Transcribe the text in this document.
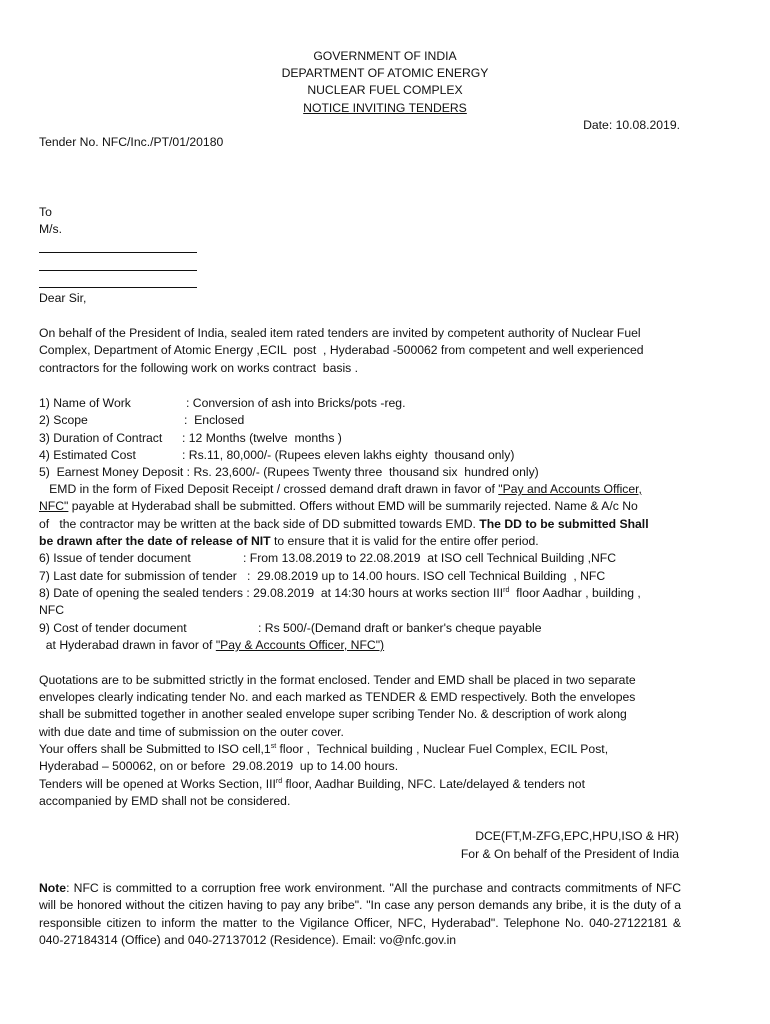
GOVERNMENT OF INDIA
DEPARTMENT OF ATOMIC ENERGY
NUCLEAR FUEL COMPLEX
NOTICE INVITING TENDERS
Date: 10.08.2019.
Tender No. NFC/Inc./PT/01/20180
To
M/s.
Dear Sir,
On behalf of the President of India, sealed item rated tenders are invited by competent authority of Nuclear Fuel
Complex, Department of Atomic Energy ,ECIL  post  , Hyderabad -500062 from competent and well experienced
contractors for the following work on works contract  basis .
1) Name of Work	: Conversion of ash into Bricks/pots -reg.
2) Scope	:  Enclosed
3) Duration of Contract : 12 Months (twelve  months )
4) Estimated Cost	: Rs.11, 80,000/- (Rupees eleven lakhs eighty  thousand only)
5)  Earnest Money Deposit : Rs. 23,600/- (Rupees Twenty three  thousand six  hundred only)
EMD in the form of Fixed Deposit Receipt / crossed demand draft drawn in favor of "Pay and Accounts Officer,
NFC" payable at Hyderabad shall be submitted. Offers without EMD will be summarily rejected. Name & A/c No
of   the contractor may be written at the back side of DD submitted towards EMD. The DD to be submitted Shall
be drawn after the date of release of NIT to ensure that it is valid for the entire offer period.
6) Issue of tender document	: From 13.08.2019 to 22.08.2019  at ISO cell Technical Building ,NFC
7) Last date for submission of tender   :  29.08.2019 up to 14.00 hours. ISO cell Technical Building  , NFC
8) Date of opening the sealed tenders : 29.08.2019  at 14:30 hours at works section IIIrd  floor Aadhar , building ,
NFC
9) Cost of tender document	: Rs 500/-(Demand draft or banker's cheque payable
at Hyderabad drawn in favor of "Pay & Accounts Officer, NFC")
Quotations are to be submitted strictly in the format enclosed. Tender and EMD shall be placed in two separate
envelopes clearly indicating tender No. and each marked as TENDER & EMD respectively. Both the envelopes
shall be submitted together in another sealed envelope super scribing Tender No. & description of work along
with due date and time of submission on the outer cover.
Your offers shall be Submitted to ISO cell,1st floor ,  Technical building , Nuclear Fuel Complex, ECIL Post,
Hyderabad – 500062, on or before  29.08.2019  up to 14.00 hours.
Tenders will be opened at Works Section, IIIrd floor, Aadhar Building, NFC. Late/delayed & tenders not
accompanied by EMD shall not be considered.
DCE(FT,M-ZFG,EPC,HPU,ISO & HR)
For & On behalf of the President of India
Note: NFC is committed to a corruption free work environment. "All the purchase and contracts commitments of NFC will be honored without the citizen having to pay any bribe". "In case any person demands any bribe, it is the duty of a responsible citizen to inform the matter to the Vigilance Officer, NFC, Hyderabad". Telephone No. 040-27122181 & 040-27184314 (Office) and 040-27137012 (Residence). Email: vo@nfc.gov.in
